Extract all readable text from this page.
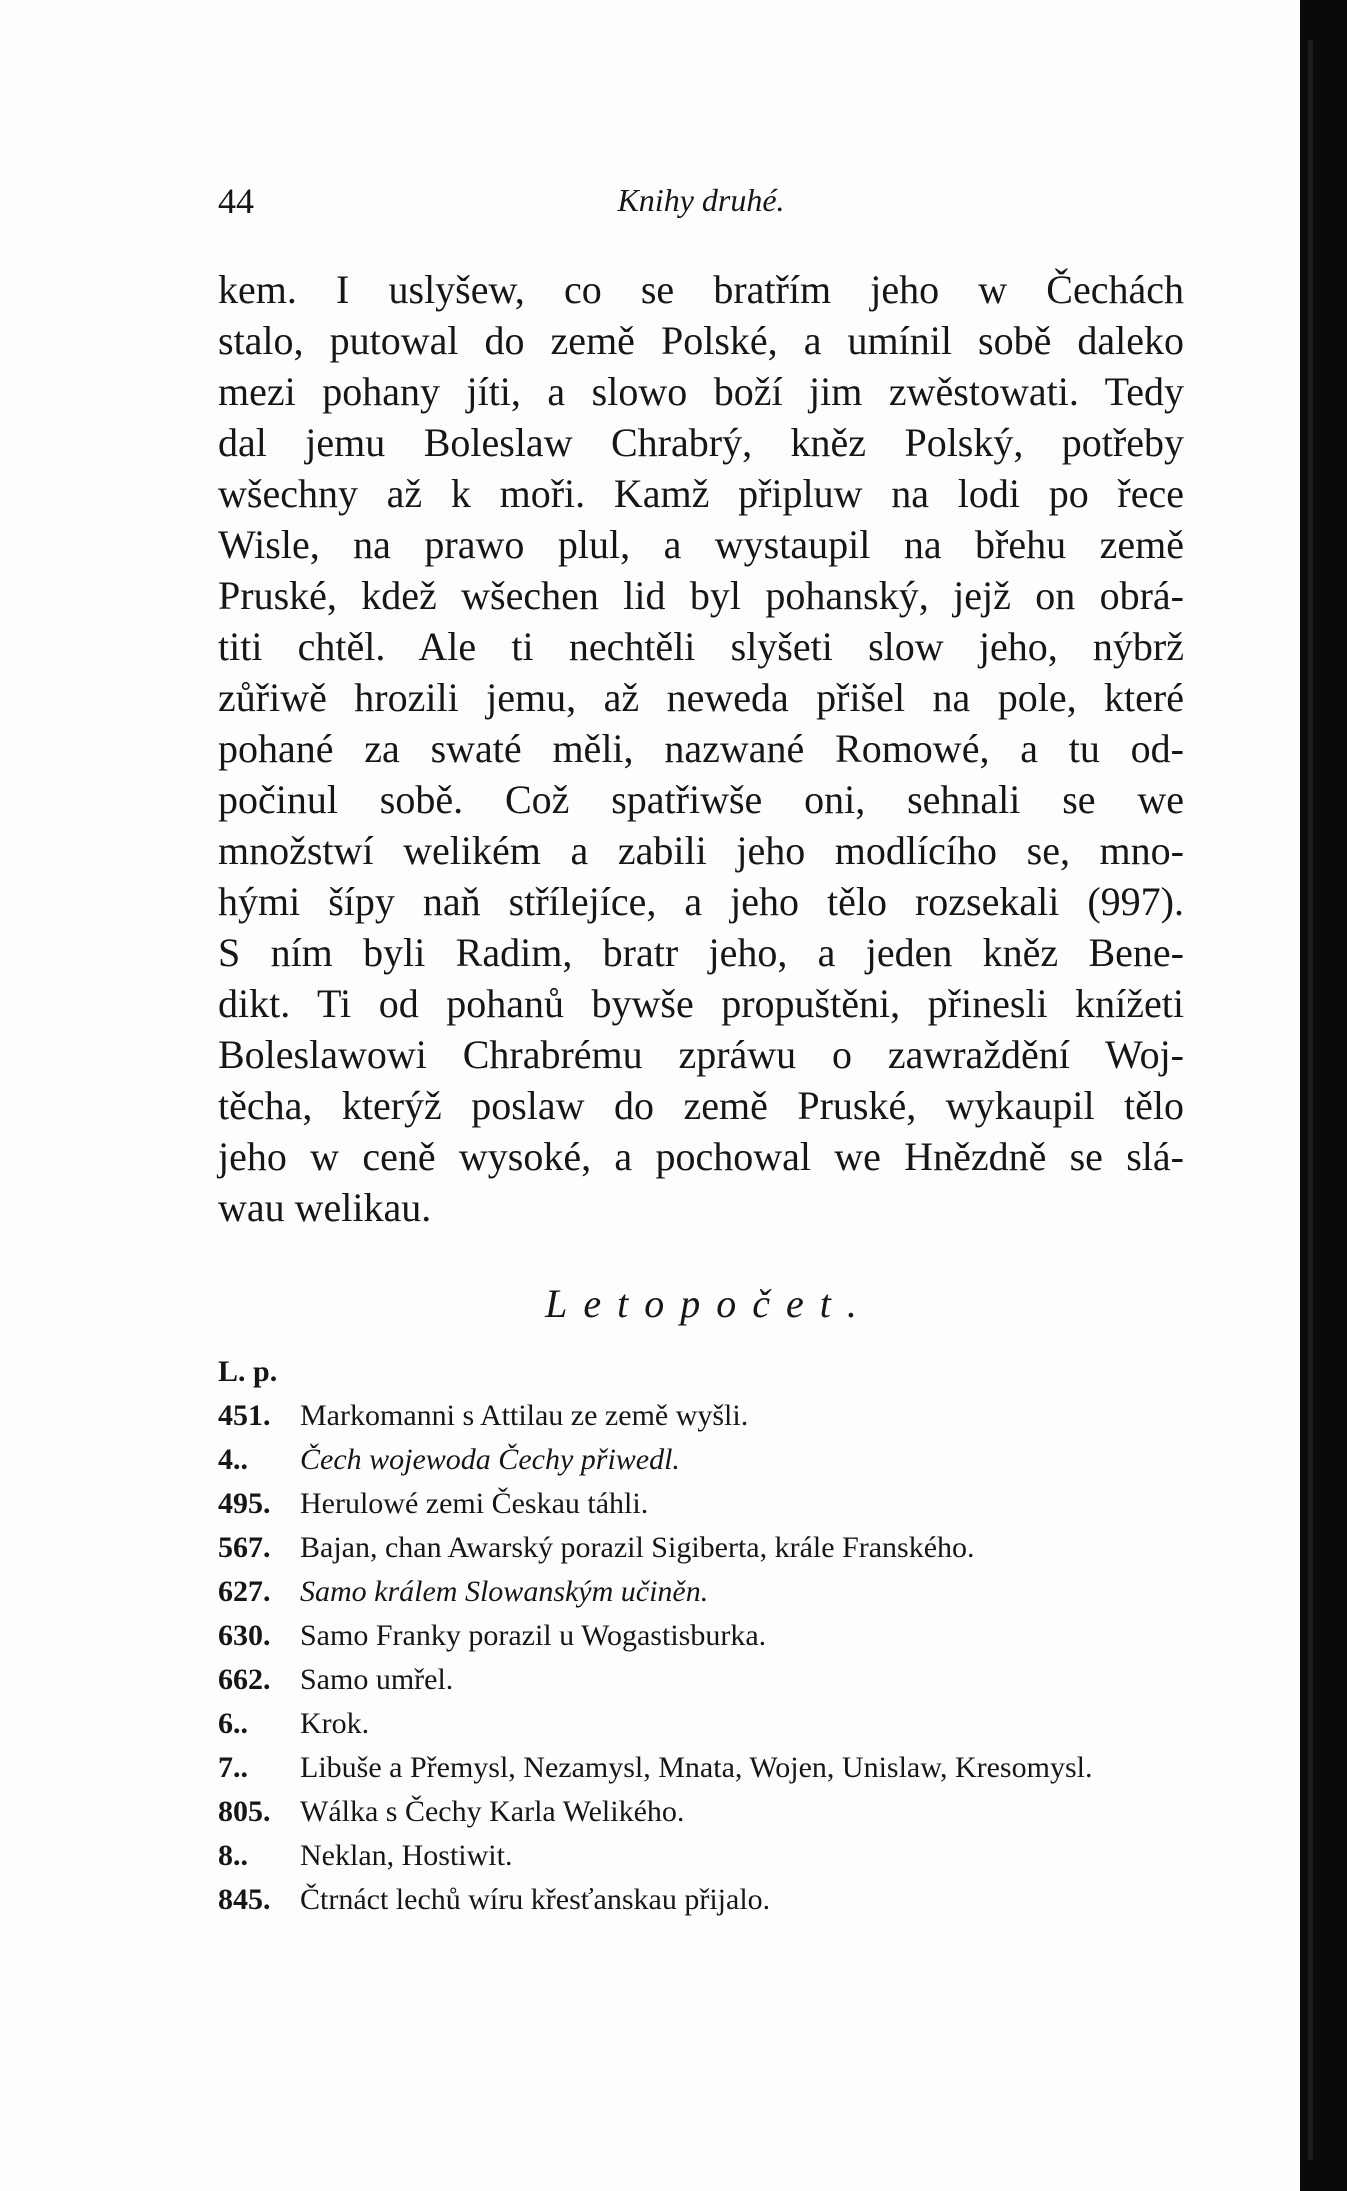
44	Knihy druhé.
kem. I uslyšew, co se bratřím jeho w Čechách
stalo, putowal do země Polské, a umínil sobě daleko
mezi pohany jíti, a slowo boží jim zwěstowati. Tedy
dal jemu Boleslaw Chrabrý, kněz Polský, potřeby
wšechny až k moři. Kamž připluw na lodi po řece
Wisle, na prawo plul, a wystaupil na břehu země
Pruské, kdež wšechen lid byl pohanský, jejž on obrá-
titi chtěl. Ale ti nechtěli slyšeti slow jeho, nýbrž
zůřiwě hrozili jemu, až neweda přišel na pole, které
pohané za swaté měli, nazwané Romowé, a tu od-
počinul sobě. Což spatřiwše oni, sehnali se we
množstwí welikém a zabili jeho modlícího se, mno-
hými šípy naň střílejíce, a jeho tělo rozsekali (997).
S ním byli Radim, bratr jeho, a jeden kněz Bene-
dikt. Ti od pohanů bywše propuštěni, přinesli knížeti
Boleslawowi Chrabrému zpráwu o zawraždění Woj-
těcha, kterýž poslaw do země Pruské, wykaupil tělo
jeho w ceně wysoké, a pochowal we Hnězdně se slá-
wau welikau.
Letopočet.
L. p.
451. Markomanni s Attilau ze země wyšli.
4..	Čech wojewoda Čechy přiwedl.
495. Herulowé zemi Českau táhli.
567. Bajan, chan Awarský porazil Sigiberta, krále Franského.
627. Samo králem Slowanským učiněn.
630. Samo Franky porazil u Wogastisburka.
662. Samo umřel.
6..	Krok.
7..	Libuše a Přemysl, Nezamysl, Mnata, Wojen, Unislaw, Kresomysl.
805. Wálka s Čechy Karla Welikého.
8..	Neklan, Hostiwit.
845. Čtrnáct lechů wíru křesťanskau přijalo.
